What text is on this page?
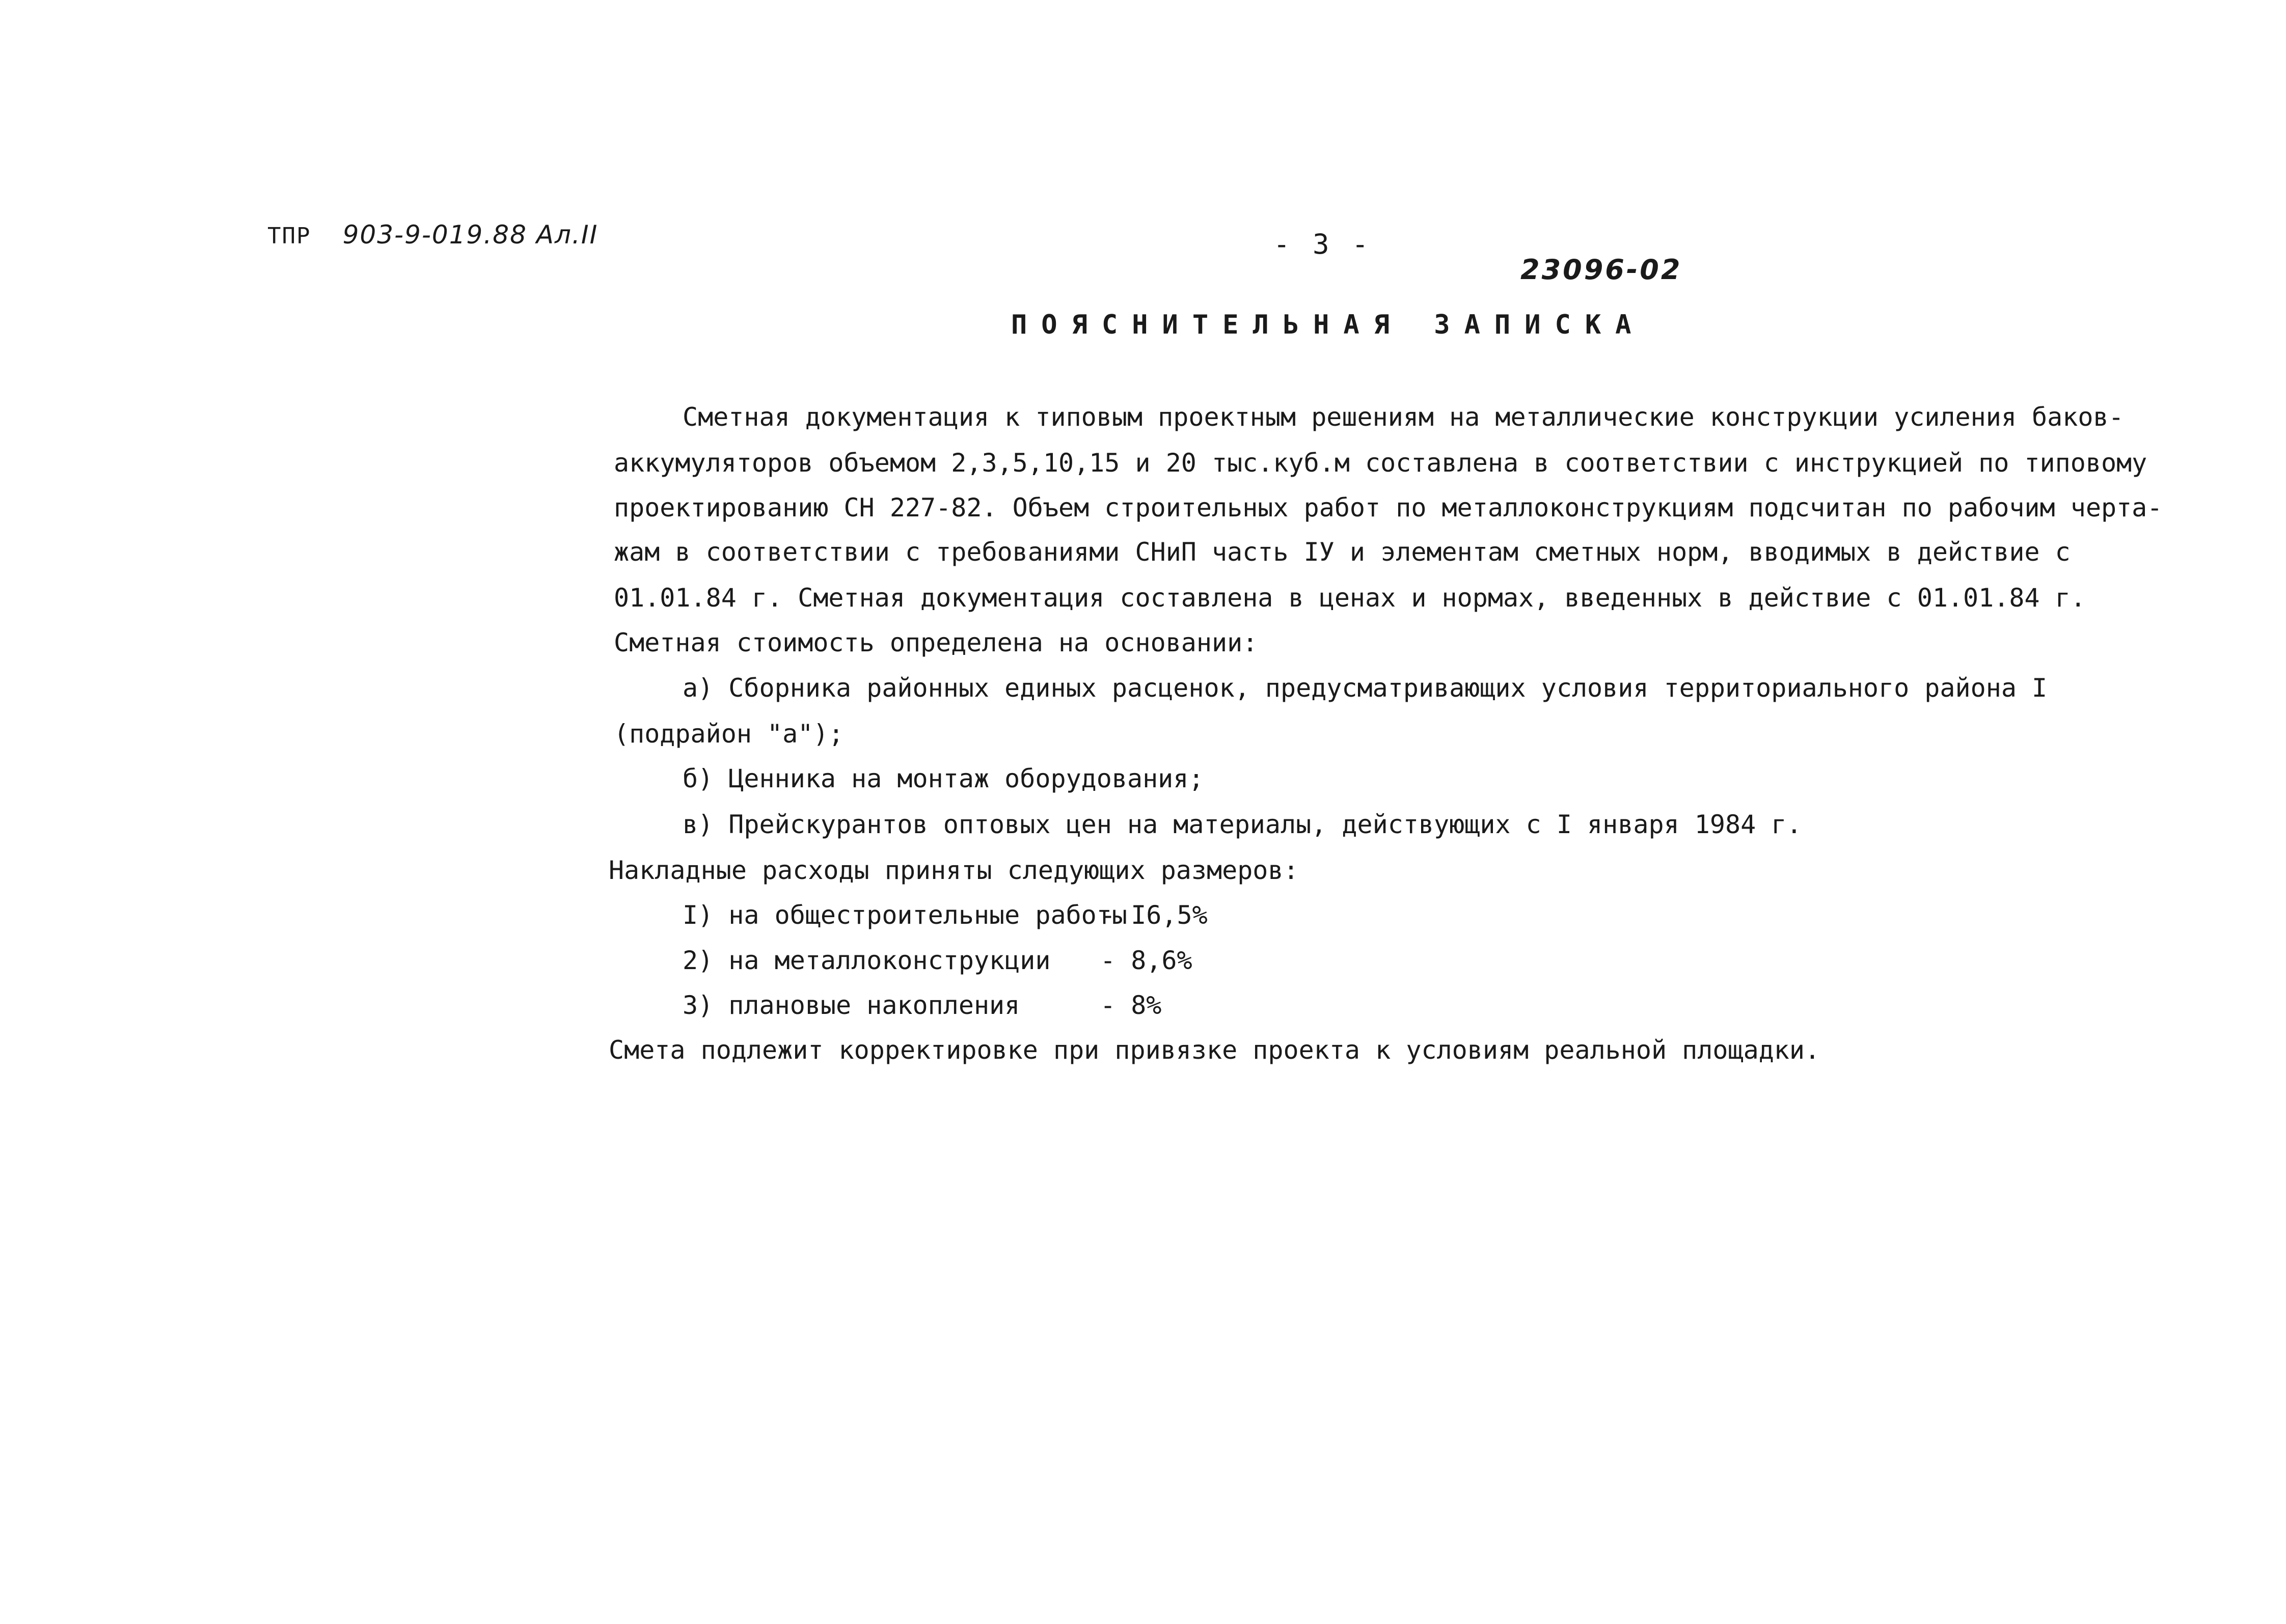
ТПР 903-9-019.88 Ал.II	- 3 -
23096-02
ПОЯСНИТЕЛЬНАЯ ЗАПИСКА
Сметная документация к типовым проектным решениям на металлические конструкции усиления баков-
аккумуляторов объемом 2,3,5,10,15 и 20 тыс.куб.м составлена в соответствии с инструкцией по типовому
проектированию СН 227-82. Объем строительных работ по металлоконструкциям подсчитан по рабочим черта-
жам в соответствии с требованиями СНиП часть IУ и элементам сметных норм, вводимых в действие с
01.01.84 г. Сметная документация составлена в ценах и нормах, введенных в действие с 01.01.84 г.
Сметная стоимость определена на основании:
а) Сборника районных единых расценок, предусматривающих условия территориального района I
(подрайон "а");
б) Ценника на монтаж оборудования;
в) Прейскурантов оптовых цен на материалы, действующих с I января 1984 г.
Накладные расходы приняты следующих размеров:
I) на общестроительные работы
- I6,5%
2) на металлоконструкции - 8,6%
3) плановые накопления	- 8%
Смета подлежит корректировке при привязке проекта к условиям реальной площадки.
